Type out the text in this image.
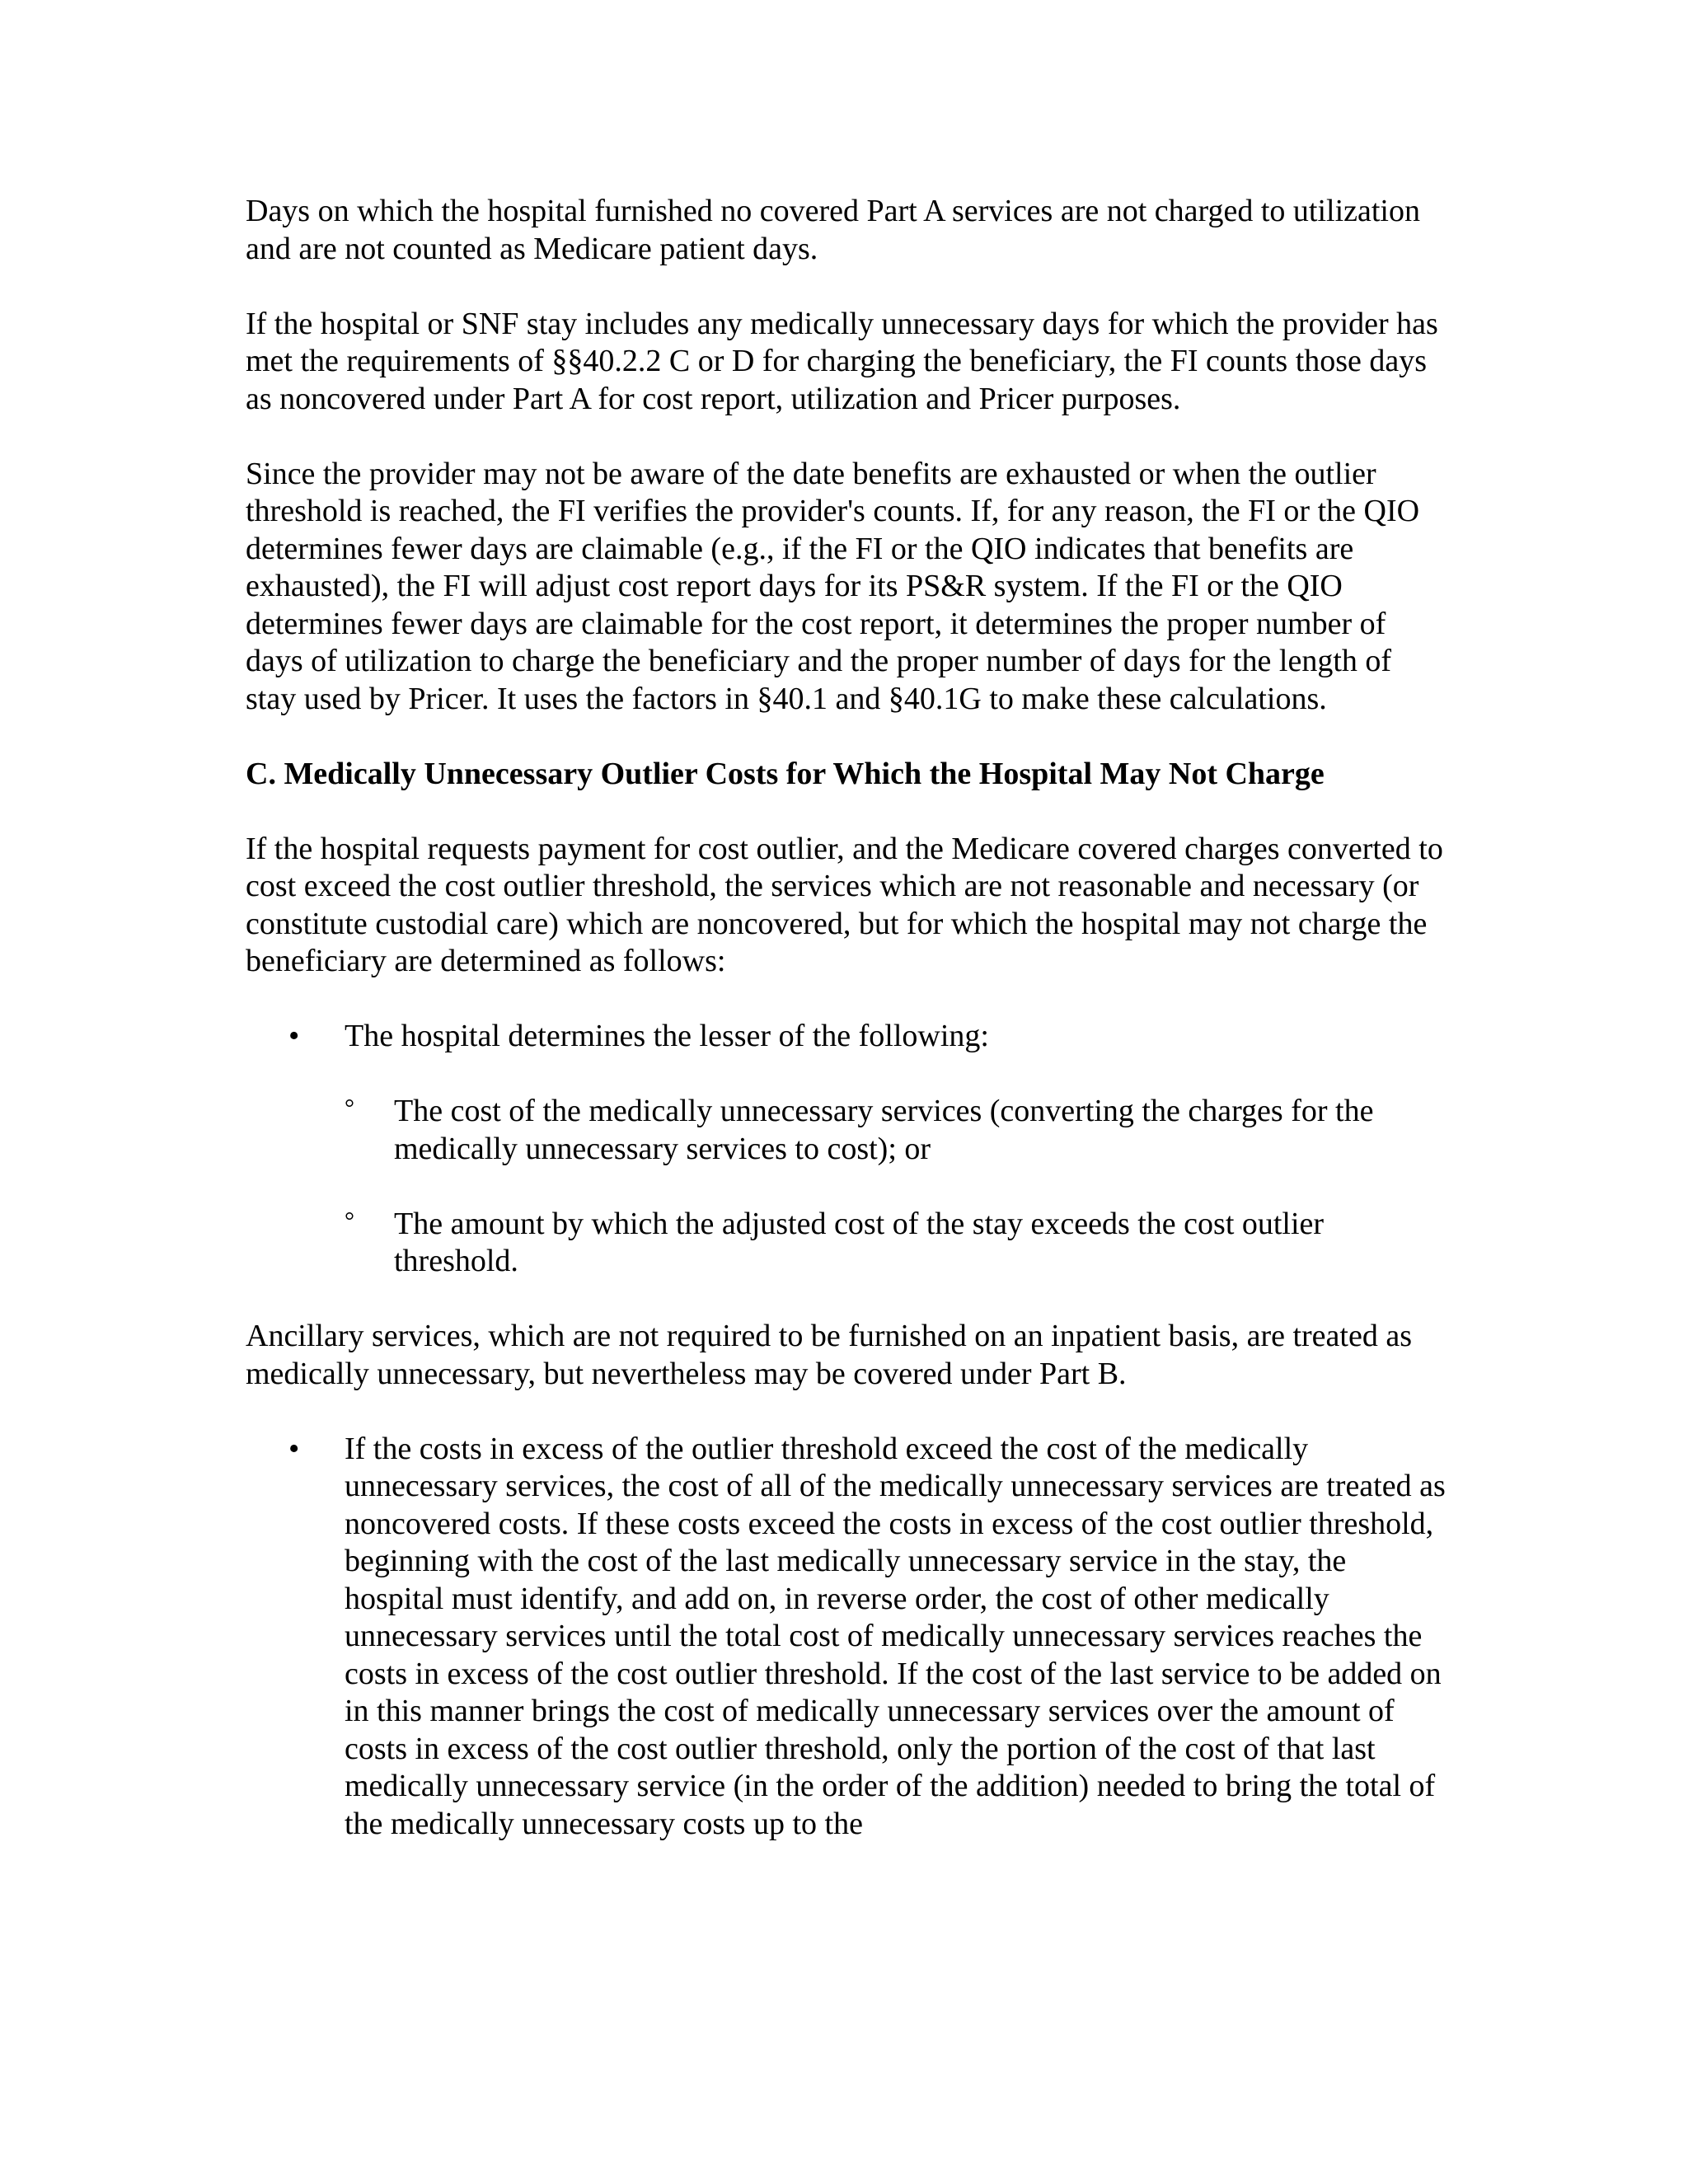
Days on which the hospital furnished no covered Part A services are not charged to utilization and are not counted as Medicare patient days.

If the hospital or SNF stay includes any medically unnecessary days for which the provider has met the requirements of §§40.2.2 C or D for charging the beneficiary, the FI counts those days as noncovered under Part A for cost report, utilization and Pricer purposes.

Since the provider may not be aware of the date benefits are exhausted or when the outlier threshold is reached, the FI verifies the provider's counts. If, for any reason, the FI or the QIO determines fewer days are claimable (e.g., if the FI or the QIO indicates that benefits are exhausted), the FI will adjust cost report days for its PS&R system. If the FI or the QIO determines fewer days are claimable for the cost report, it determines the proper number of days of utilization to charge the beneficiary and the proper number of days for the length of stay used by Pricer. It uses the factors in §40.1 and §40.1G to make these calculations.

C. Medically Unnecessary Outlier Costs for Which the Hospital May Not Charge

If the hospital requests payment for cost outlier, and the Medicare covered charges converted to cost exceed the cost outlier threshold, the services which are not reasonable and necessary (or constitute custodial care) which are noncovered, but for which the hospital may not charge the beneficiary are determined as follows:

• The hospital determines the lesser of the following:
° The cost of the medically unnecessary services (converting the charges for the medically unnecessary services to cost); or
° The amount by which the adjusted cost of the stay exceeds the cost outlier threshold.

Ancillary services, which are not required to be furnished on an inpatient basis, are treated as medically unnecessary, but nevertheless may be covered under Part B.

• If the costs in excess of the outlier threshold exceed the cost of the medically unnecessary services, the cost of all of the medically unnecessary services are treated as noncovered costs. If these costs exceed the costs in excess of the cost outlier threshold, beginning with the cost of the last medically unnecessary service in the stay, the hospital must identify, and add on, in reverse order, the cost of other medically unnecessary services until the total cost of medically unnecessary services reaches the costs in excess of the cost outlier threshold. If the cost of the last service to be added on in this manner brings the cost of medically unnecessary services over the amount of costs in excess of the cost outlier threshold, only the portion of the cost of that last medically unnecessary service (in the order of the addition) needed to bring the total of the medically unnecessary costs up to the
